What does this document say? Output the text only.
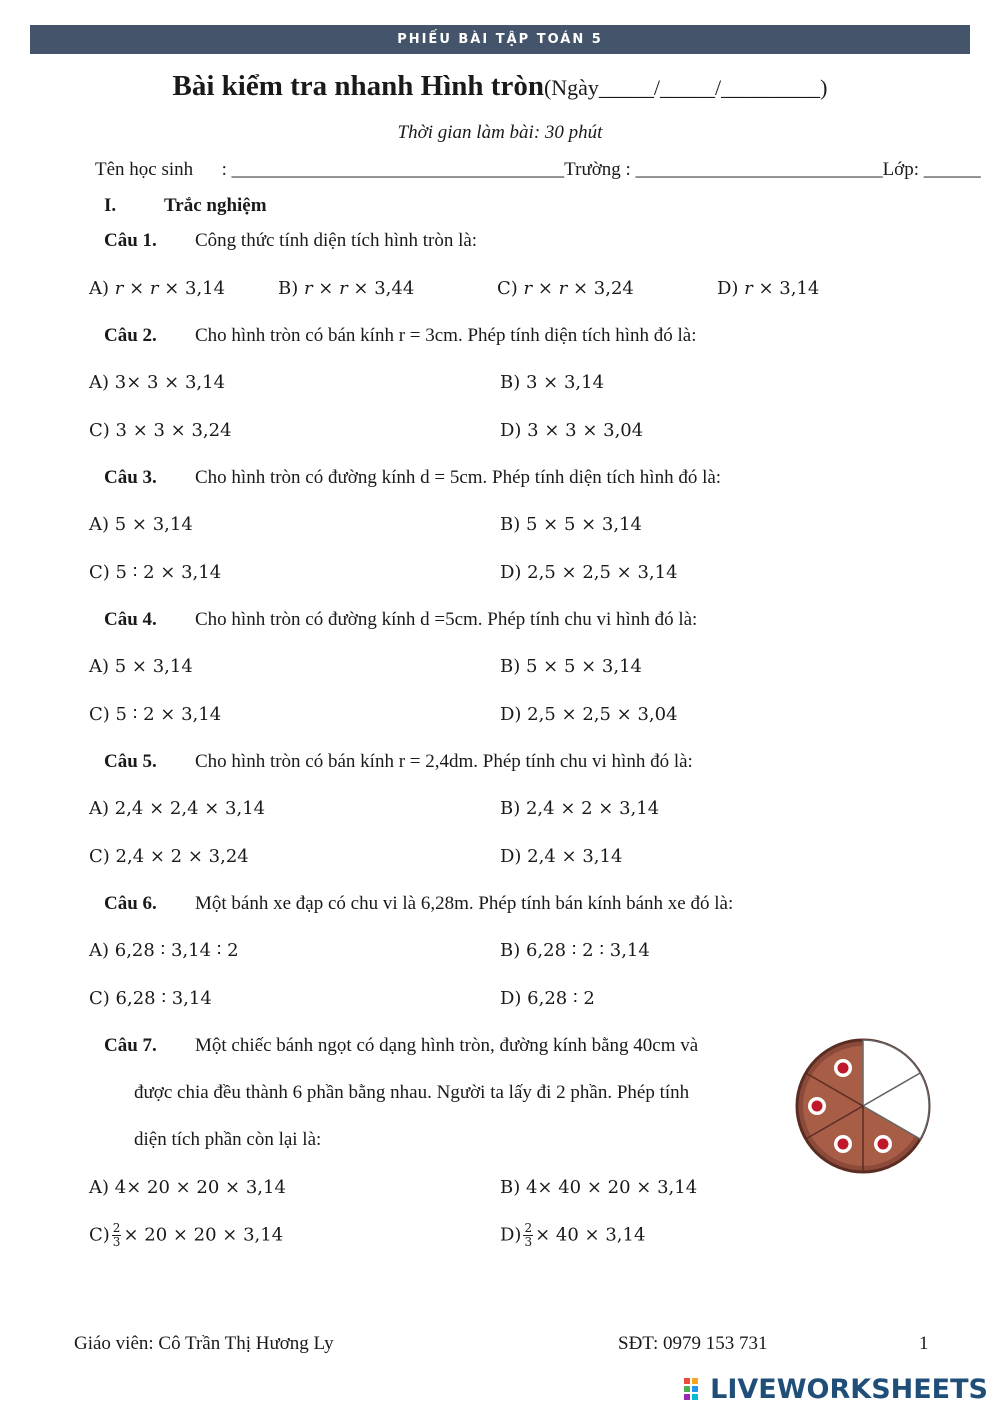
PHIẾU BÀI TẬP TOÁN 5
Bài kiểm tra nhanh Hình tròn(Ngày_____/_____/_________)
Thời gian làm bài: 30 phút
Tên học sinh      : ___________________________________Trường : __________________________Lớp: ______
I.	Trắc nghiệm
Câu 1. Công thức tính diện tích hình tròn là:
A) 𝑟 × 𝑟 × 3,14	B) 𝑟 × 𝑟 × 3,44	C) 𝑟 × 𝑟 × 3,24	D) 𝑟 × 3,14
Câu 2. Cho hình tròn có bán kính r = 3cm. Phép tính diện tích hình đó là:
A) 3× 3 × 3,14	B) 3 × 3,14
C) 3 × 3 × 3,24	D) 3 × 3 × 3,04
Câu 3. Cho hình tròn có đường kính d = 5cm. Phép tính diện tích hình đó là:
A) 5 × 3,14	B) 5 × 5 × 3,14
C) 5 ∶ 2 × 3,14	D) 2,5 × 2,5 × 3,14
Câu 4. Cho hình tròn có đường kính d =5cm. Phép tính chu vi hình đó là:
A) 5 × 3,14	B) 5 × 5 × 3,14
C) 5 ∶ 2 × 3,14	D) 2,5 × 2,5 × 3,04
Câu 5. Cho hình tròn có bán kính r = 2,4dm. Phép tính chu vi hình đó là:
A) 2,4 × 2,4 × 3,14	B) 2,4 × 2 × 3,14
C) 2,4 × 2 × 3,24	D) 2,4 × 3,14
Câu 6. Một bánh xe đạp có chu vi là 6,28m. Phép tính bán kính bánh xe đó là:
A) 6,28 ∶ 3,14 ∶ 2	B) 6,28 ∶ 2 ∶ 3,14
C) 6,28 ∶ 3,14	D) 6,28 ∶ 2
Câu 7. Một chiếc bánh ngọt có dạng hình tròn, đường kính bằng 40cm và
được chia đều thành 6 phần bằng nhau. Người ta lấy đi 2 phần. Phép tính
diện tích phần còn lại là:
A) 4× 20 × 20 × 3,14	B) 4× 40 × 20 × 3,14
$C) \frac{2}{3} \times 20 \times 20 \times 3,14$	$D) \frac{2}{3} \times 40 \times 3,14$
Giáo viên: Cô Trần Thị Hương Ly	SĐT: 0979 153 731	1
LIVEWORKSHEETS
